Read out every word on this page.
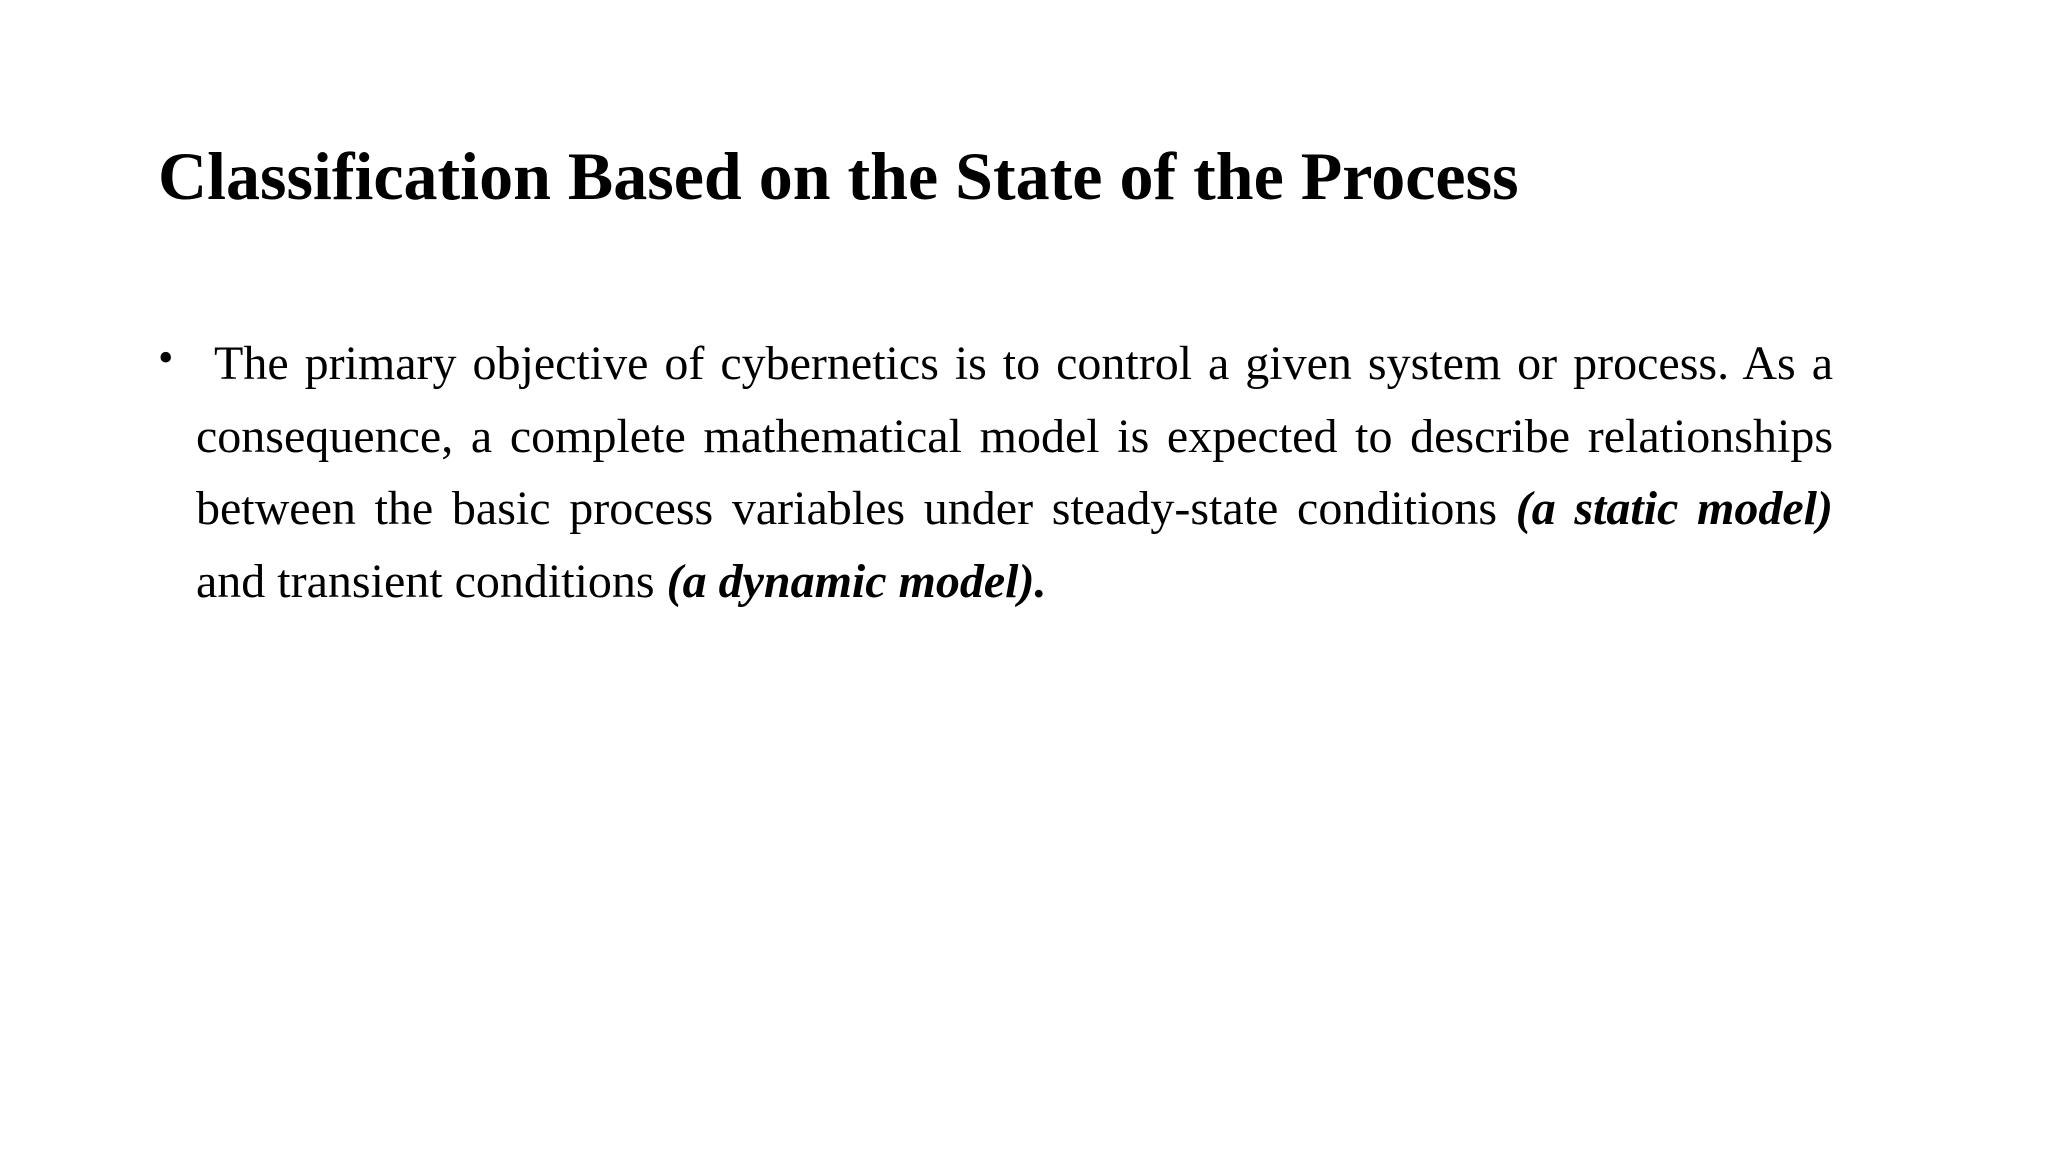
Classification Based on the State of the Process
• The primary objective of cybernetics is to control a given system or process. As a consequence, a complete mathematical model is expected to describe relationships between the basic process variables under steady-state conditions (a static model) and transient conditions (a dynamic model).
